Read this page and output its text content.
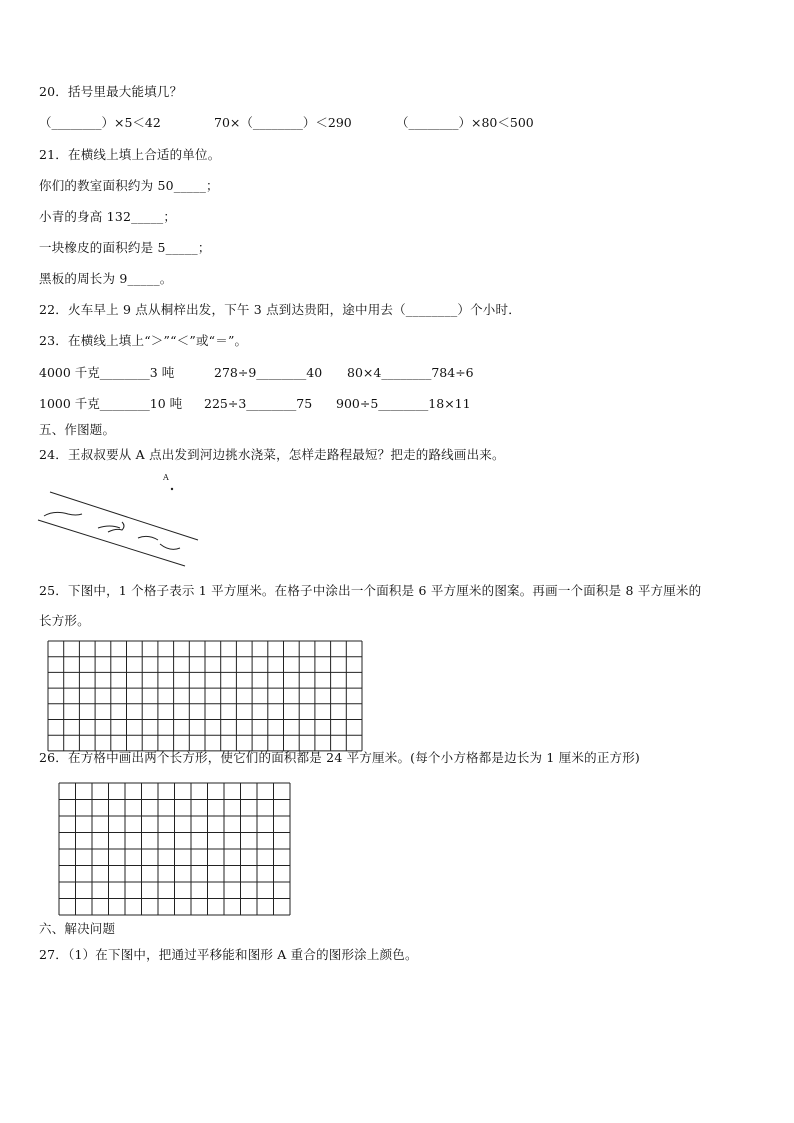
20．括号里最大能填几？
（________）×5＜42	70×（________）＜290	（________）×80＜500
21．在横线上填上合适的单位。
你们的教室面积约为 50_____；
小青的身高 132_____；
一块橡皮的面积约是 5_____；
黑板的周长为 9_____。
22．火车早上 9 点从桐梓出发，下午 3 点到达贵阳，途中用去（________）个小时．
23．在横线上填上“＞”“＜”或“＝”。
4000 千克________3 吨	278÷9________40 80×4________784÷6
1000 千克________10 吨 225÷3________75 900÷5________18×11
五、作图题。
24．王叔叔要从 A 点出发到河边挑水浇菜，怎样走路程最短？把走的路线画出来。
A
25．下图中，1 个格子表示 1 平方厘米。在格子中涂出一个面积是 6 平方厘米的图案。再画一个面积是 8 平方厘米的
长方形。
26．在方格中画出两个长方形，使它们的面积都是 24 平方厘米。(每个小方格都是边长为 1 厘米的正方形)
六、解决问题
27．（1）在下图中，把通过平移能和图形 A 重合的图形涂上颜色。
